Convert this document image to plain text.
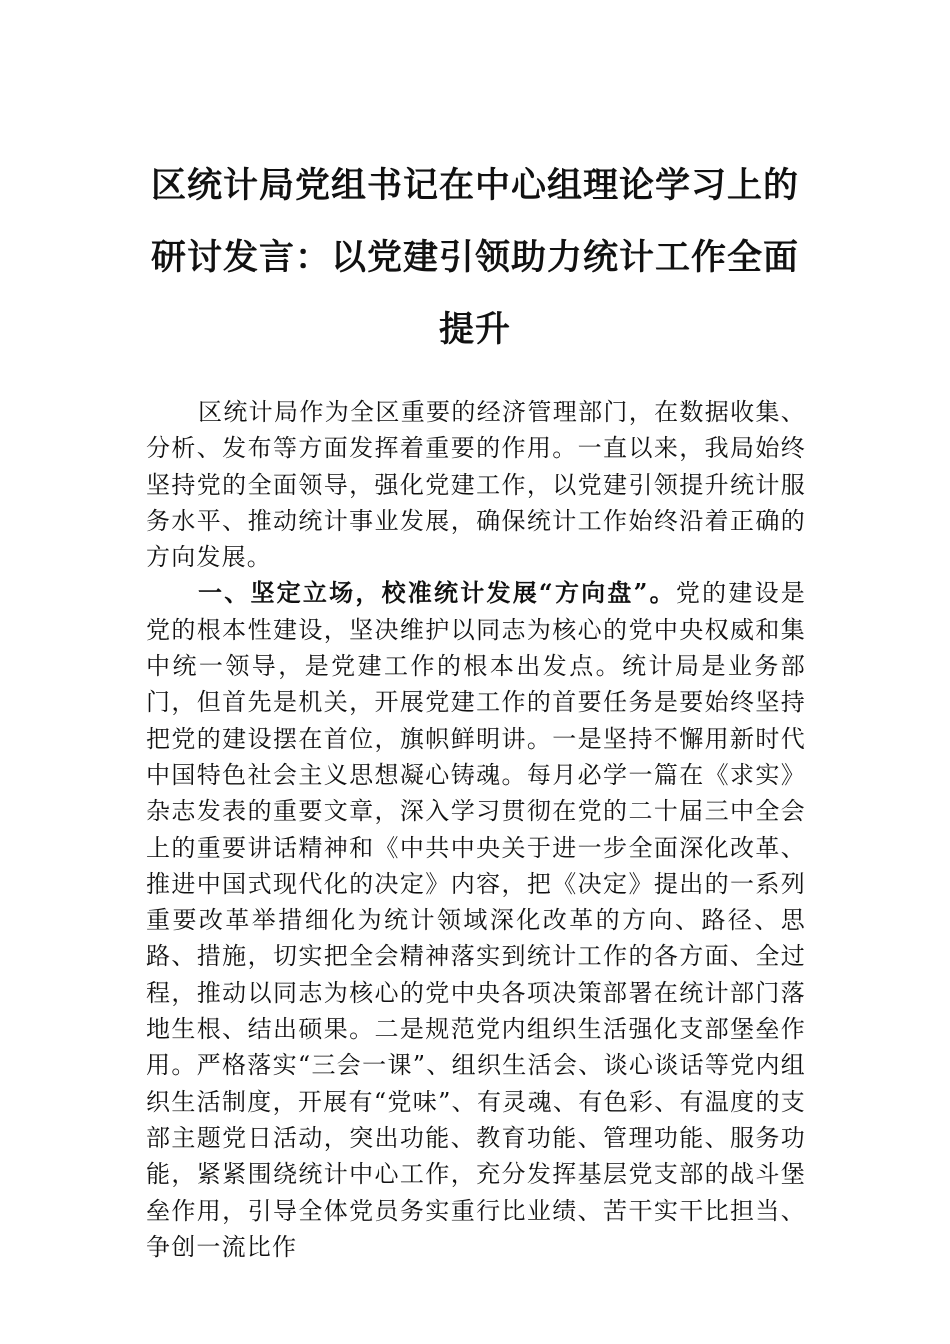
区统计局党组书记在中心组理论学习上的
研讨发言：以党建引领助力统计工作全面
提升

区统计局作为全区重要的经济管理部门，在数据收集、分析、发布等方面发挥着重要的作用。一直以来，我局始终坚持党的全面领导，强化党建工作，以党建引领提升统计服务水平、推动统计事业发展，确保统计工作始终沿着正确的方向发展。

一、坚定立场，校准统计发展“方向盘”。党的建设是党的根本性建设，坚决维护以同志为核心的党中央权威和集中统一领导，是党建工作的根本出发点。统计局是业务部门，但首先是机关，开展党建工作的首要任务是要始终坚持把党的建设摆在首位，旗帜鲜明讲。一是坚持不懈用新时代中国特色社会主义思想凝心铸魂。每月必学一篇在《求实》杂志发表的重要文章，深入学习贯彻在党的二十届三中全会上的重要讲话精神和《中共中央关于进一步全面深化改革、推进中国式现代化的决定》内容，把《决定》提出的一系列重要改革举措细化为统计领域深化改革的方向、路径、思路、措施，切实把全会精神落实到统计工作的各方面、全过程，推动以同志为核心的党中央各项决策部署在统计部门落地生根、结出硕果。二是规范党内组织生活强化支部堡垒作用。严格落实“三会一课”、组织生活会、谈心谈话等党内组织生活制度，开展有“党味”、有灵魂、有色彩、有温度的支部主题党日活动，突出功能、教育功能、管理功能、服务功能，紧紧围绕统计中心工作，充分发挥基层党支部的战斗堡垒作用，引导全体党员务实重行比业绩、苦干实干比担当、争创一流比作
